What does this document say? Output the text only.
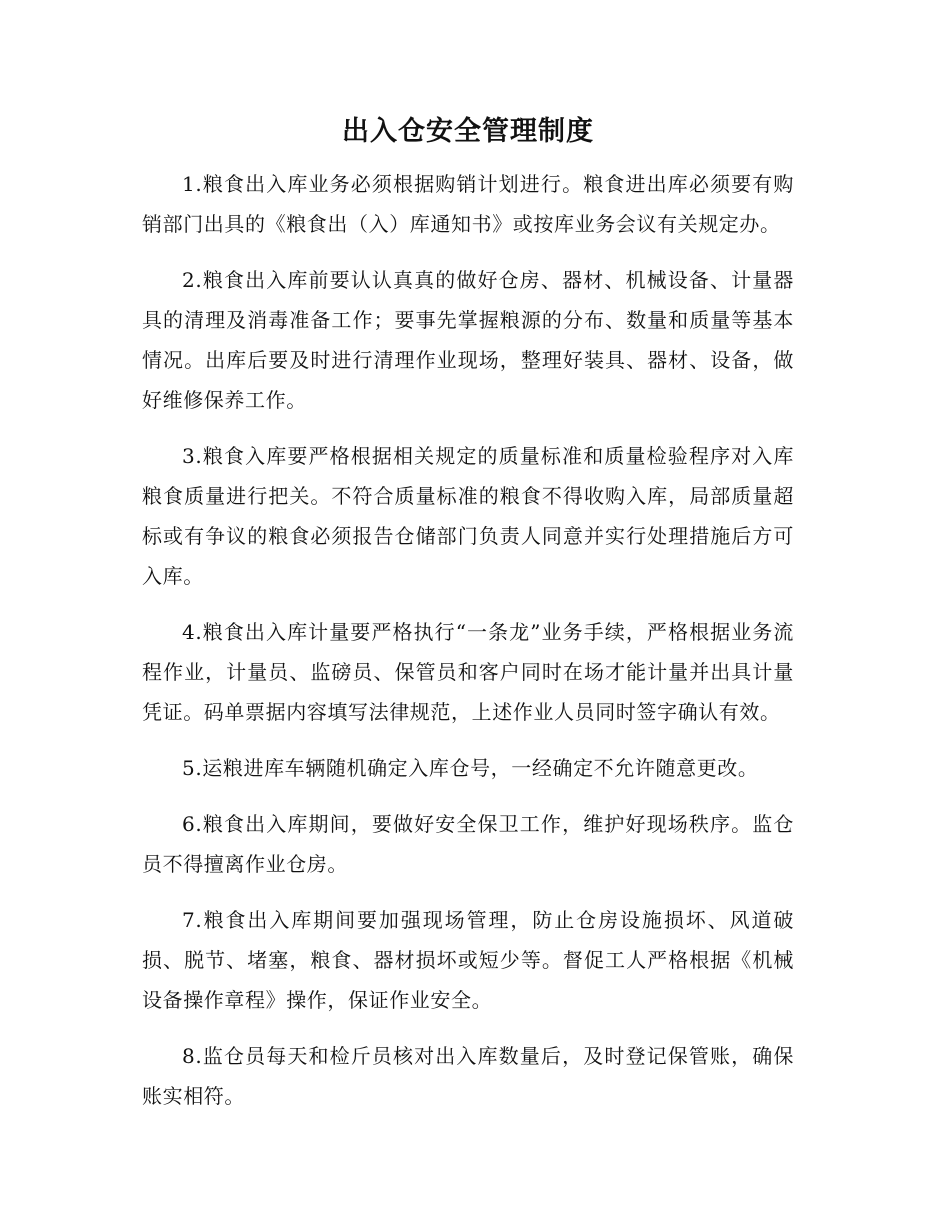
出入仓安全管理制度

1.粮食出入库业务必须根据购销计划进行。粮食进出库必须要有购销部门出具的《粮食出（入）库通知书》或按库业务会议有关规定办。

2.粮食出入库前要认认真真的做好仓房、器材、机械设备、计量器具的清理及消毒准备工作；要事先掌握粮源的分布、数量和质量等基本情况。出库后要及时进行清理作业现场，整理好装具、器材、设备，做好维修保养工作。

3.粮食入库要严格根据相关规定的质量标准和质量检验程序对入库粮食质量进行把关。不符合质量标准的粮食不得收购入库，局部质量超标或有争议的粮食必须报告仓储部门负责人同意并实行处理措施后方可入库。

4.粮食出入库计量要严格执行“一条龙”业务手续，严格根据业务流程作业，计量员、监磅员、保管员和客户同时在场才能计量并出具计量凭证。码单票据内容填写法律规范，上述作业人员同时签字确认有效。

5.运粮进库车辆随机确定入库仓号，一经确定不允许随意更改。

6.粮食出入库期间，要做好安全保卫工作，维护好现场秩序。监仓员不得擅离作业仓房。

7.粮食出入库期间要加强现场管理，防止仓房设施损坏、风道破损、脱节、堵塞，粮食、器材损坏或短少等。督促工人严格根据《机械设备操作章程》操作，保证作业安全。

8.监仓员每天和检斤员核对出入库数量后，及时登记保管账，确保账实相符。
